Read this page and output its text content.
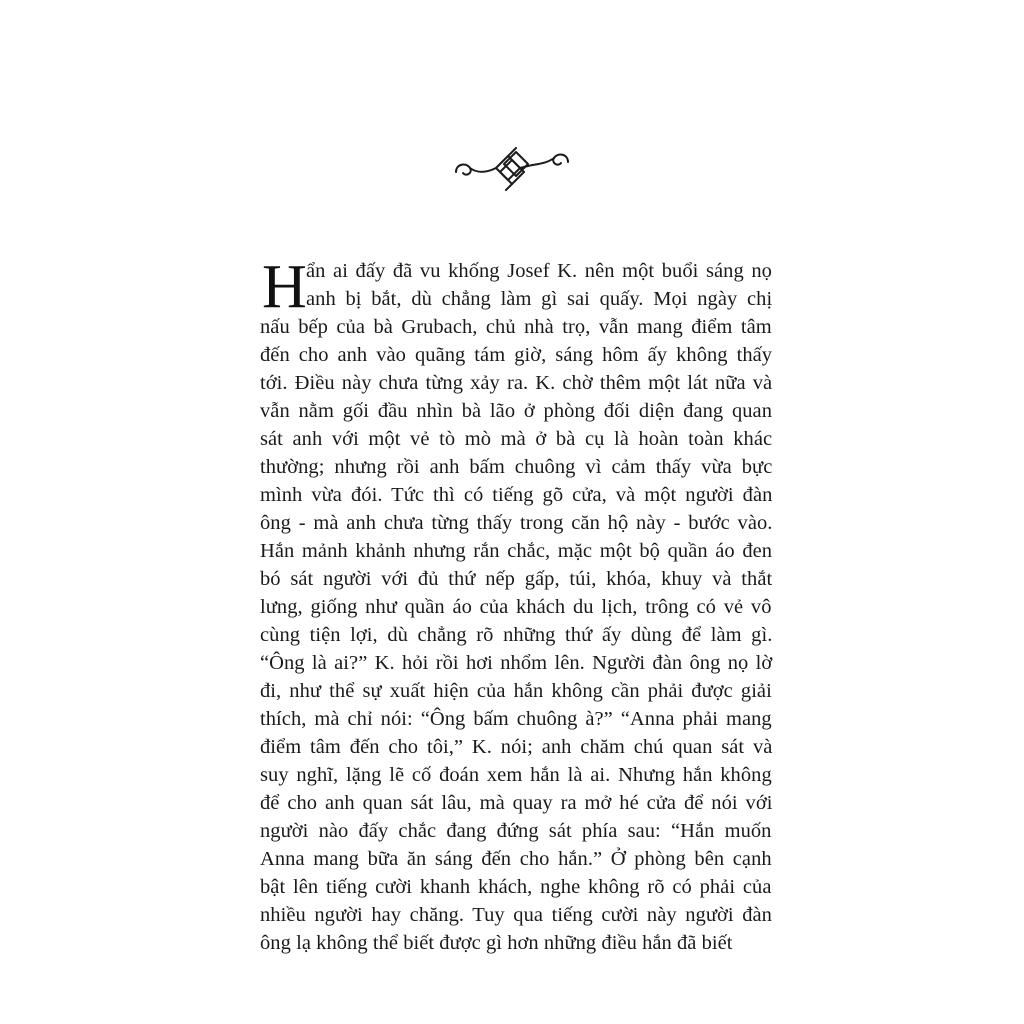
H ẩn ai đấy đã vu khống Josef K. nên một buổi sáng nọ
anh bị bắt, dù chẳng làm gì sai quấy. Mọi ngày chị
nấu bếp của bà Grubach, chủ nhà trọ, vẫn mang điểm tâm
đến cho anh vào quãng tám giờ, sáng hôm ấy không thấy
tới. Điều này chưa từng xảy ra. K. chờ thêm một lát nữa và
vẫn nằm gối đầu nhìn bà lão ở phòng đối diện đang quan
sát anh với một vẻ tò mò mà ở bà cụ là hoàn toàn khác
thường; nhưng rồi anh bấm chuông vì cảm thấy vừa bực
mình vừa đói. Tức thì có tiếng gõ cửa, và một người đàn
ông - mà anh chưa từng thấy trong căn hộ này - bước vào.
Hắn mảnh khảnh nhưng rắn chắc, mặc một bộ quần áo đen
bó sát người với đủ thứ nếp gấp, túi, khóa, khuy và thắt
lưng, giống như quần áo của khách du lịch, trông có vẻ vô
cùng tiện lợi, dù chẳng rõ những thứ ấy dùng để làm gì.
“Ông là ai?” K. hỏi rồi hơi nhổm lên. Người đàn ông nọ lờ
đi, như thể sự xuất hiện của hắn không cần phải được giải
thích, mà chỉ nói: “Ông bấm chuông à?” “Anna phải mang
điểm tâm đến cho tôi,” K. nói; anh chăm chú quan sát và
suy nghĩ, lặng lẽ cố đoán xem hắn là ai. Nhưng hắn không
để cho anh quan sát lâu, mà quay ra mở hé cửa để nói với
người nào đấy chắc đang đứng sát phía sau: “Hắn muốn
Anna mang bữa ăn sáng đến cho hắn.” Ở phòng bên cạnh
bật lên tiếng cười khanh khách, nghe không rõ có phải của
nhiều người hay chăng. Tuy qua tiếng cười này người đàn
ông lạ không thể biết được gì hơn những điều hắn đã biết
